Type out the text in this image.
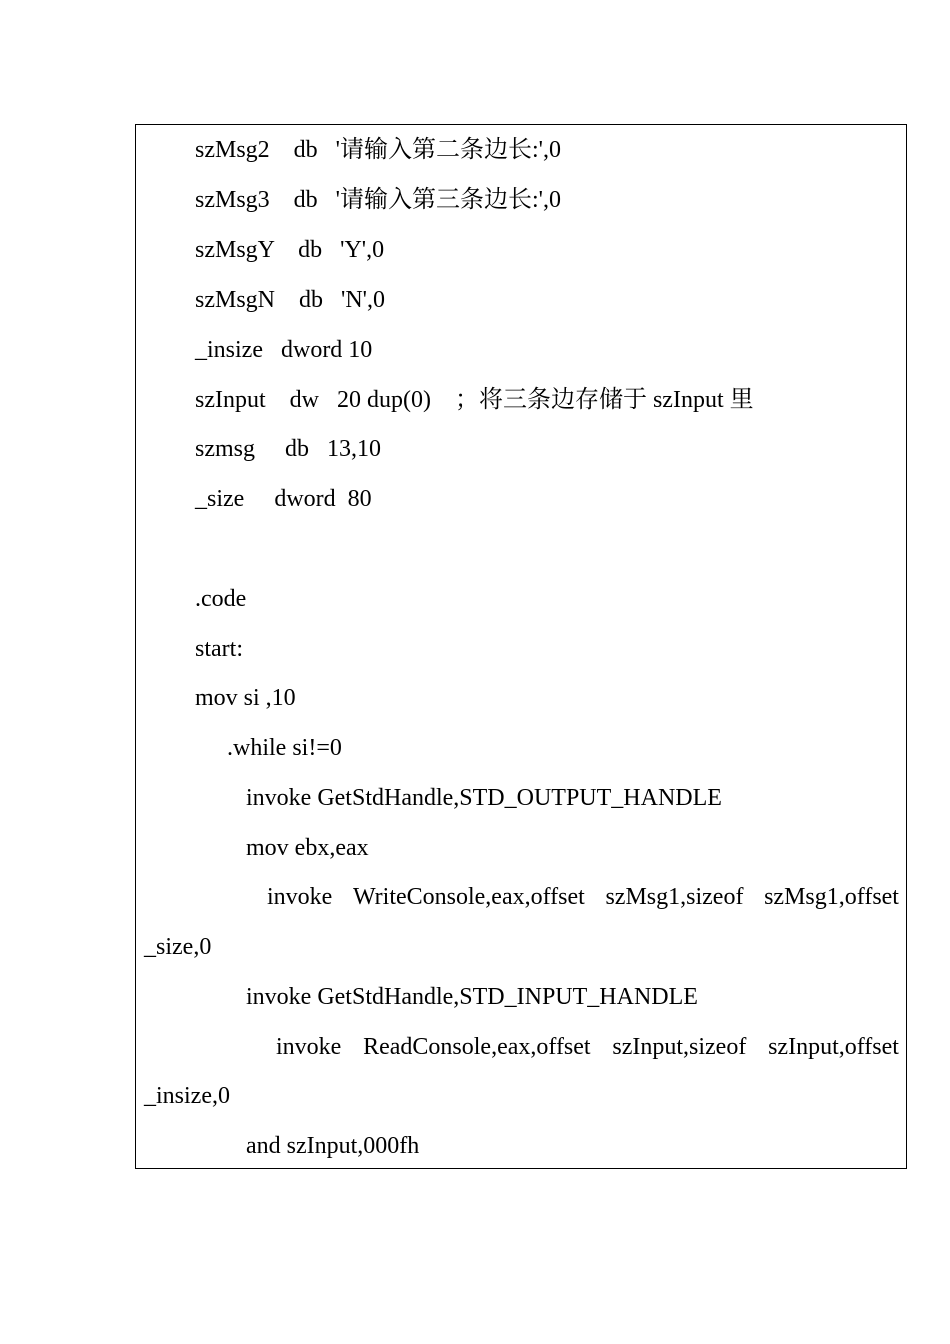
szMsg2    db   '请输入第二条边长:',0
szMsg3    db   '请输入第三条边长:',0
szMsgY    db   'Y',0
szMsgN    db   'N',0
_insize   dword 10
szInput    dw   20 dup(0)    ；将三条边存储于 szInput 里
szmsg     db   13,10
_size     dword  80
.code
start:
mov si ,10
.while si!=0
invoke GetStdHandle,STD_OUTPUT_HANDLE
mov ebx,eax
invoke WriteConsole,eax,offset szMsg1,sizeof szMsg1,offset
_size,0
invoke GetStdHandle,STD_INPUT_HANDLE
invoke ReadConsole,eax,offset szInput,sizeof szInput,offset
_insize,0
and szInput,000fh
